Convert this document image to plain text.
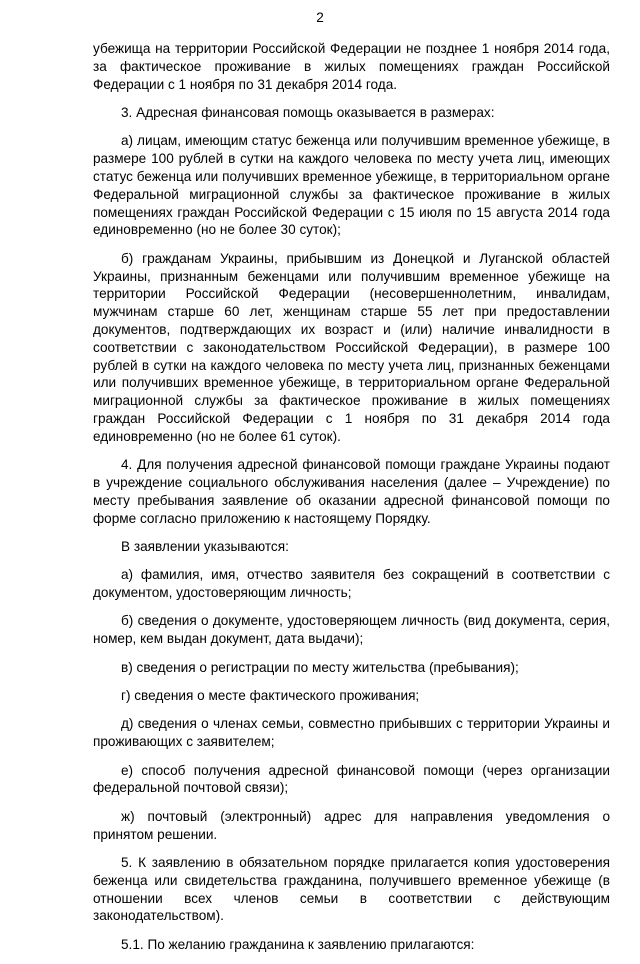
2

убежища на территории Российской Федерации не позднее 1 ноября 2014 года, за фактическое проживание в жилых помещениях граждан Российской Федерации с 1 ноября по 31 декабря 2014 года.

3. Адресная финансовая помощь оказывается в размерах:

а) лицам, имеющим статус беженца или получившим временное убежище, в размере 100 рублей в сутки на каждого человека по месту учета лиц, имеющих статус беженца или получивших временное убежище, в территориальном органе Федеральной миграционной службы за фактическое проживание в жилых помещениях граждан Российской Федерации с 15 июля по 15 августа 2014 года единовременно (но не более 30 суток);

б) гражданам Украины, прибывшим из Донецкой и Луганской областей Украины, признанным беженцами или получившим временное убежище на территории Российской Федерации (несовершеннолетним, инвалидам, мужчинам старше 60 лет, женщинам старше 55 лет при предоставлении документов, подтверждающих их возраст и (или) наличие инвалидности в соответствии с законодательством Российской Федерации), в размере 100 рублей в сутки на каждого человека по месту учета лиц, признанных беженцами или получивших временное убежище, в территориальном органе Федеральной миграционной службы за фактическое проживание в жилых помещениях граждан Российской Федерации с 1 ноября по 31 декабря 2014 года единовременно (но не более 61 суток).

4. Для получения адресной финансовой помощи граждане Украины подают в учреждение социального обслуживания населения (далее – Учреждение) по месту пребывания заявление об оказании адресной финансовой помощи по форме согласно приложению к настоящему Порядку.

В заявлении указываются:

а) фамилия, имя, отчество заявителя без сокращений в соответствии с документом, удостоверяющим личность;

б) сведения о документе, удостоверяющем личность (вид документа, серия, номер, кем выдан документ, дата выдачи);

в) сведения о регистрации по месту жительства (пребывания);

г) сведения о месте фактического проживания;

д) сведения о членах семьи, совместно прибывших с территории Украины и проживающих с заявителем;

е) способ получения адресной финансовой помощи (через организации федеральной почтовой связи);

ж) почтовый (электронный) адрес для направления уведомления о принятом решении.

5. К заявлению в обязательном порядке прилагается копия удостоверения беженца или свидетельства гражданина, получившего временное убежище (в отношении всех членов семьи в соответствии с действующим законодательством).

5.1. По желанию гражданина к заявлению прилагаются:
